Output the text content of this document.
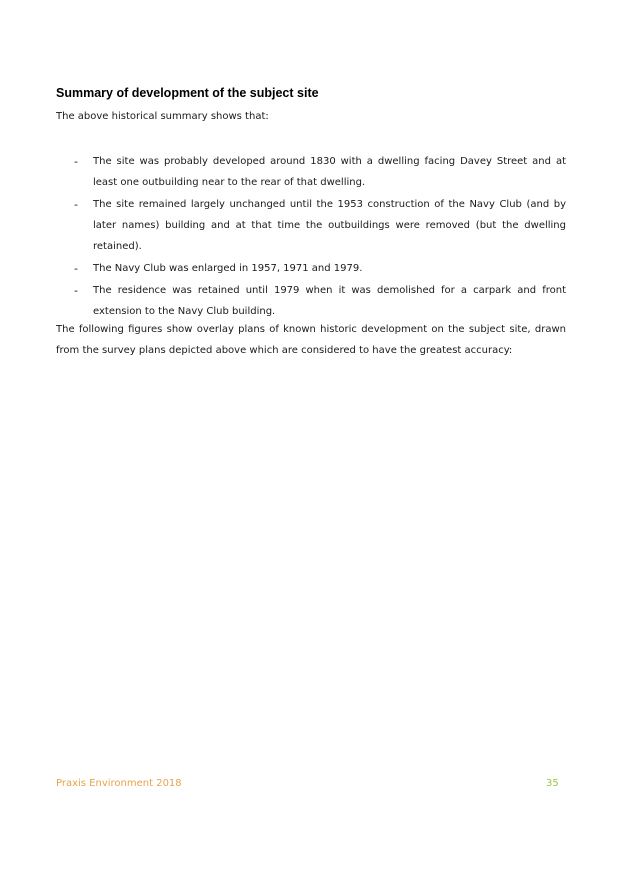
Summary of development of the subject site

The above historical summary shows that:

- The site was probably developed around 1830 with a dwelling facing Davey Street and at least one outbuilding near to the rear of that dwelling.
- The site remained largely unchanged until the 1953 construction of the Navy Club (and by later names) building and at that time the outbuildings were removed (but the dwelling retained).
- The Navy Club was enlarged in 1957, 1971 and 1979.
- The residence was retained until 1979 when it was demolished for a carpark and front extension to the Navy Club building.

The following figures show overlay plans of known historic development on the subject site, drawn from the survey plans depicted above which are considered to have the greatest accuracy:

Praxis Environment 2018	35
